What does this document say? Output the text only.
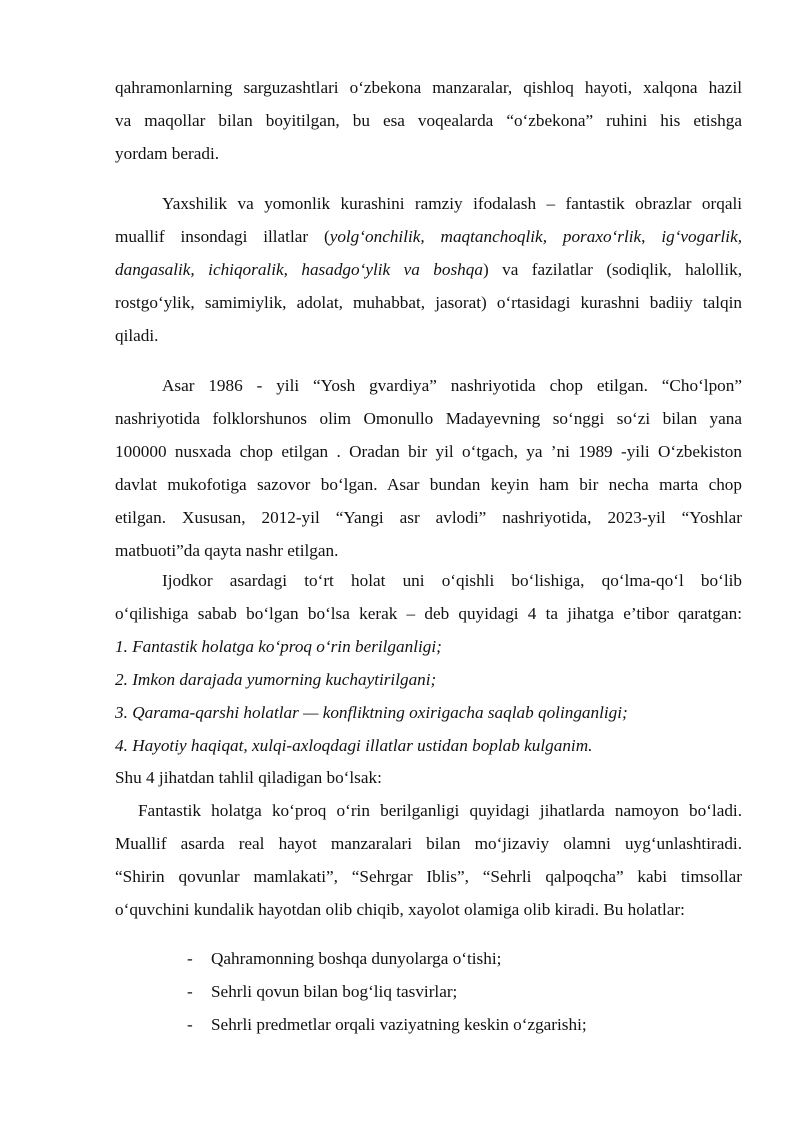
qahramonlarning sarguzashtlari o‘zbekona manzaralar, qishloq hayoti, xalqona hazil

va maqollar bilan boyitilgan, bu esa voqealarda “o‘zbekona” ruhini his etishga

yordam beradi.

Yaxshilik va yomonlik kurashini ramziy ifodalash – fantastik obrazlar orqali

muallif insondagi illatlar (yolg‘onchilik, maqtanchoqlik, poraxo‘rlik, ig‘vogarlik,

dangasalik, ichiqoralik, hasadgo‘ylik va boshqa) va fazilatlar (sodiqlik, halollik,

rostgo‘ylik, samimiylik, adolat, muhabbat, jasorat) o‘rtasidagi kurashni badiiy talqin

qiladi.

Asar 1986 - yili “Yosh gvardiya” nashriyotida chop etilgan. “Cho‘lpon”

nashriyotida folklorshunos olim Omonullo Madayevning so‘nggi so‘zi bilan yana

100000 nusxada chop etilgan . Oradan bir yil o‘tgach, ya ’ni 1989 -yili O‘zbekiston

davlat mukofotiga sazovor bo‘lgan. Asar bundan keyin ham bir necha marta chop

etilgan. Xususan, 2012-yil “Yangi asr avlodi” nashriyotida, 2023-yil “Yoshlar

matbuoti”da qayta nashr etilgan.

Ijodkor asardagi to‘rt holat uni o‘qishli bo‘lishiga, qo‘lma-qo‘l bo‘lib

o‘qilishiga sabab bo‘lgan bo‘lsa kerak – deb quyidagi 4 ta jihatga e’tibor qaratgan:

1. Fantastik holatga ko‘proq o‘rin berilganligi;

2. Imkon darajada yumorning kuchaytirilgani;

3. Qarama-qarshi holatlar — konfliktning oxirigacha saqlab qolinganligi;

4. Hayotiy haqiqat, xulqi-axloqdagi illatlar ustidan boplab kulganim.

Shu 4 jihatdan tahlil qiladigan bo‘lsak:

Fantastik holatga ko‘proq o‘rin berilganligi quyidagi jihatlarda namoyon bo‘ladi.

Muallif asarda real hayot manzaralari bilan mo‘jizaviy olamni uyg‘unlashtiradi.

“Shirin qovunlar mamlakati”, “Sehrgar Iblis”, “Sehrli qalpoqcha” kabi timsollar

o‘quvchini kundalik hayotdan olib chiqib, xayolot olamiga olib kiradi. Bu holatlar:

- Qahramonning boshqa dunyolarga o‘tishi;

- Sehrli qovun bilan bog‘liq tasvirlar;

- Sehrli predmetlar orqali vaziyatning keskin o‘zgarishi;
